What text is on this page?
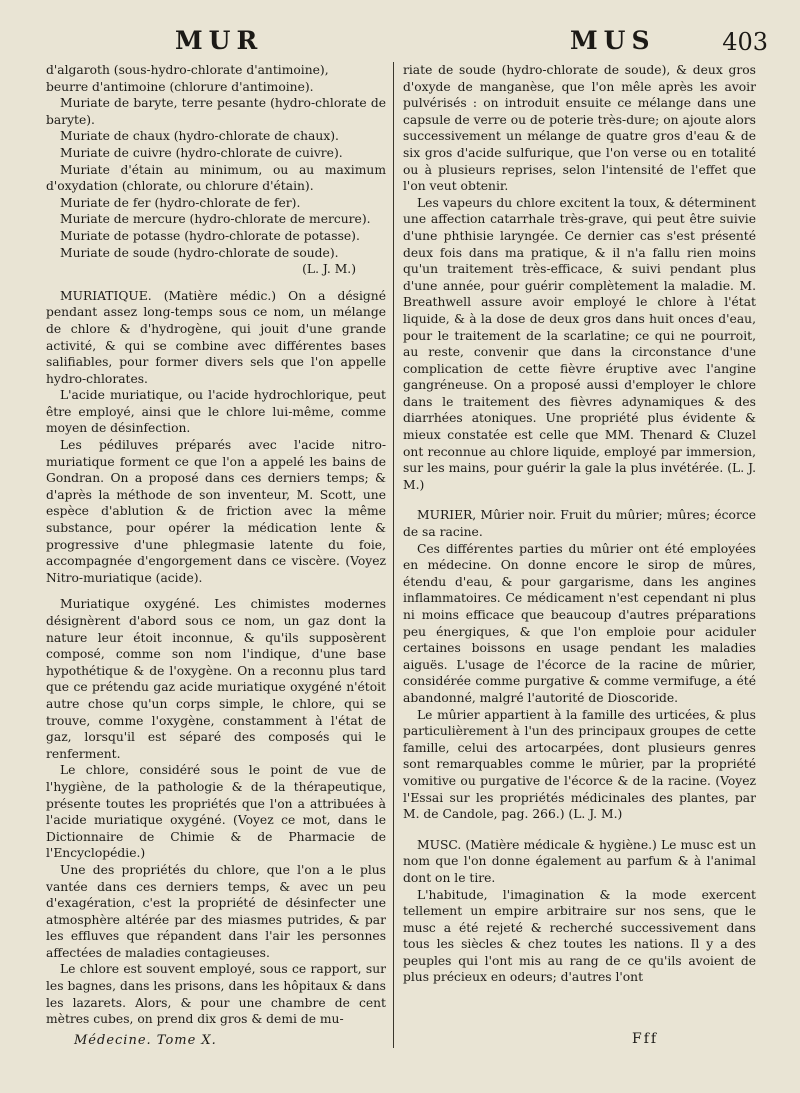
MUR	MUS	403

d'algaroth (sous-hydro-chlorate d'antimoine),

beurre d'antimoine (chlorure d'antimoine).

Muriate de baryte, terre pesante (hydro-chlorate de baryte).

Muriate de chaux (hydro-chlorate de chaux).

Muriate de cuivre (hydro-chlorate de cuivre).

Muriate d'étain au minimum, ou au maximum d'oxydation (chlorate, ou chlorure d'étain).

Muriate de fer (hydro-chlorate de fer).

Muriate de mercure (hydro-chlorate de mercure).

Muriate de potasse (hydro-chlorate de potasse).

Muriate de soude (hydro-chlorate de soude).

(L. J. M.)

MURIATIQUE. (Matière médic.) On a désigné pendant assez long-temps sous ce nom, un mélange de chlore & d'hydrogène, qui jouit d'une grande activité, & qui se combine avec différentes bases salifiables, pour former divers sels que l'on appelle hydro-chlorates.

L'acide muriatique, ou l'acide hydrochlorique, peut être employé, ainsi que le chlore lui-même, comme moyen de désinfection.

Les pédiluves préparés avec l'acide nitro-muriatique forment ce que l'on a appelé les bains de Gondran. On a proposé dans ces derniers temps; & d'après la méthode de son inventeur, M. Scott, une espèce d'ablution & de friction avec la même substance, pour opérer la médication lente & progressive d'une phlegmasie latente du foie, accompagnée d'engorgement dans ce viscère. (Voyez Nitro-muriatique (acide).

Muriatique oxygéné. Les chimistes modernes désignèrent d'abord sous ce nom, un gaz dont la nature leur étoit inconnue, & qu'ils supposèrent composé, comme son nom l'indique, d'une base hypothétique & de l'oxygène. On a reconnu plus tard que ce prétendu gaz acide muriatique oxygéné n'étoit autre chose qu'un corps simple, le chlore, qui se trouve, comme l'oxygène, constamment à l'état de gaz, lorsqu'il est séparé des composés qui le renferment.

Le chlore, considéré sous le point de vue de l'hygiène, de la pathologie & de la thérapeutique, présente toutes les propriétés que l'on a attribuées à l'acide muriatique oxygéné. (Voyez ce mot, dans le Dictionnaire de Chimie & de Pharmacie de l'Encyclopédie.)

Une des propriétés du chlore, que l'on a le plus vantée dans ces derniers temps, & avec un peu d'exagération, c'est la propriété de désinfecter une atmosphère altérée par des miasmes putrides, & par les effluves que répandent dans l'air les personnes affectées de maladies contagieuses.

Le chlore est souvent employé, sous ce rapport, sur les bagnes, dans les prisons, dans les hôpitaux & dans les lazarets. Alors, & pour une chambre de cent mètres cubes, on prend dix gros & demi de mu-

riate de soude (hydro-chlorate de soude), & deux gros d'oxyde de manganèse, que l'on mêle après les avoir pulvérisés : on introduit ensuite ce mélange dans une capsule de verre ou de poterie très-dure; on ajoute alors successivement un mélange de quatre gros d'eau & de six gros d'acide sulfurique, que l'on verse ou en totalité ou à plusieurs reprises, selon l'intensité de l'effet que l'on veut obtenir.

Les vapeurs du chlore excitent la toux, & déterminent une affection catarrhale très-grave, qui peut être suivie d'une phthisie laryngée. Ce dernier cas s'est présenté deux fois dans ma pratique, & il n'a fallu rien moins qu'un traitement très-efficace, & suivi pendant plus d'une année, pour guérir complètement la maladie. M. Breathwell assure avoir employé le chlore à l'état liquide, & à la dose de deux gros dans huit onces d'eau, pour le traitement de la scarlatine; ce qui ne pourroit, au reste, convenir que dans la circonstance d'une complication de cette fièvre éruptive avec l'angine gangréneuse. On a proposé aussi d'employer le chlore dans le traitement des fièvres adynamiques & des diarrhées atoniques. Une propriété plus évidente & mieux constatée est celle que MM. Thenard & Cluzel ont reconnue au chlore liquide, employé par immersion, sur les mains, pour guérir la gale la plus invétérée. (L. J. M.)

MURIER, Mûrier noir. Fruit du mûrier; mûres; écorce de sa racine.

Ces différentes parties du mûrier ont été employées en médecine. On donne encore le sirop de mûres, étendu d'eau, & pour gargarisme, dans les angines inflammatoires. Ce médicament n'est cependant ni plus ni moins efficace que beaucoup d'autres préparations peu énergiques, & que l'on emploie pour aciduler certaines boissons en usage pendant les maladies aiguës. L'usage de l'écorce de la racine de mûrier, considérée comme purgative & comme vermifuge, a été abandonné, malgré l'autorité de Dioscoride.

Le mûrier appartient à la famille des urticées, & plus particulièrement à l'un des principaux groupes de cette famille, celui des artocarpées, dont plusieurs genres sont remarquables comme le mûrier, par la propriété vomitive ou purgative de l'écorce & de la racine. (Voyez l'Essai sur les propriétés médicinales des plantes, par M. de Candole, pag. 266.) (L. J. M.)

MUSC. (Matière médicale & hygiène.) Le musc est un nom que l'on donne également au parfum & à l'animal dont on le tire.

L'habitude, l'imagination & la mode exercent tellement un empire arbitraire sur nos sens, que le musc a été rejeté & recherché successivement dans tous les siècles & chez toutes les nations. Il y a des peuples qui l'ont mis au rang de ce qu'ils avoient de plus précieux en odeurs; d'autres l'ont

Médecine. Tome X.	Fff
